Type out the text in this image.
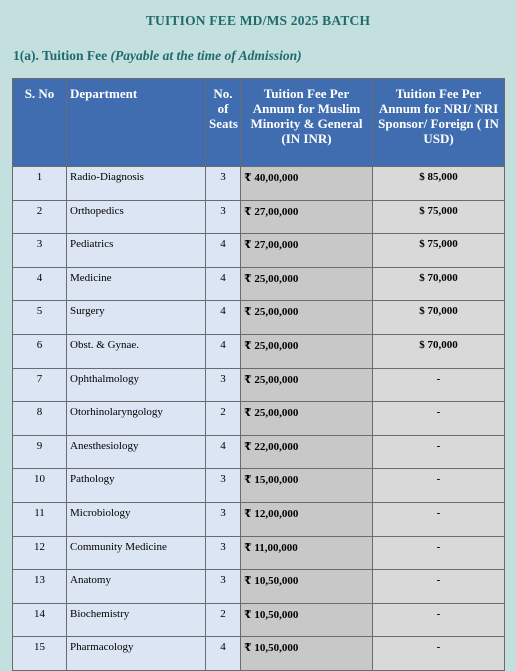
TUITION FEE MD/MS 2025 BATCH
1(a). Tuition Fee (Payable at the time of Admission)
S. No	Department	No. of Seats	Tuition Fee Per Annum for Muslim Minority & General (IN INR)	Tuition Fee Per Annum for NRI/ NRI Sponsor/ Foreign ( IN USD)
1	Radio-Diagnosis	3	₹ 40,00,000	$ 85,000
2	Orthopedics	3	₹ 27,00,000	$ 75,000
3	Pediatrics	4	₹ 27,00,000	$ 75,000
4	Medicine	4	₹ 25,00,000	$ 70,000
5	Surgery	4	₹ 25,00,000	$ 70,000
6	Obst. & Gynae.	4	₹ 25,00,000	$ 70,000
7	Ophthalmology	3	₹ 25,00,000	-
8	Otorhinolaryngology	2	₹ 25,00,000	-
9	Anesthesiology	4	₹ 22,00,000	-
10	Pathology	3	₹ 15,00,000	-
11	Microbiology	3	₹ 12,00,000	-
12	Community Medicine	3	₹ 11,00,000	-
13	Anatomy	3	₹ 10,50,000	-
14	Biochemistry	2	₹ 10,50,000	-
15	Pharmacology	4	₹ 10,50,000	-
